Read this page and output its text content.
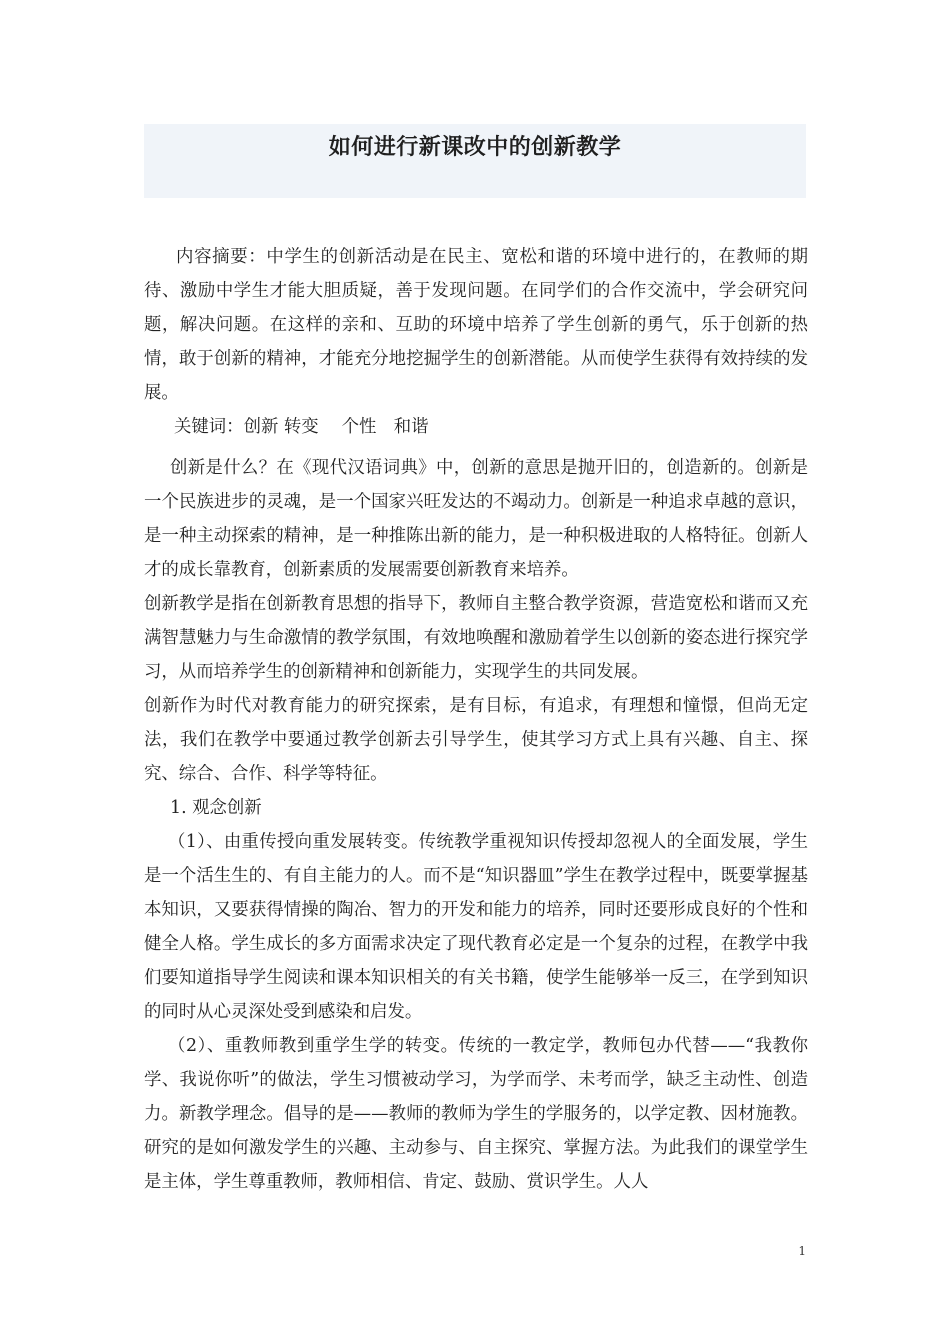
如何进行新课改中的创新教学

内容摘要：中学生的创新活动是在民主、宽松和谐的环境中进行的，在教师的期待、激励中学生才能大胆质疑，善于发现问题。在同学们的合作交流中，学会研究问题，解决问题。在这样的亲和、互助的环境中培养了学生创新的勇气，乐于创新的热情，敢于创新的精神，才能充分地挖掘学生的创新潜能。从而使学生获得有效持续的发展。

关键词：创新 转变　 个性　和谐

创新是什么？在《现代汉语词典》中，创新的意思是抛开旧的，创造新的。创新是一个民族进步的灵魂，是一个国家兴旺发达的不竭动力。创新是一种追求卓越的意识，是一种主动探索的精神，是一种推陈出新的能力，是一种积极进取的人格特征。创新人才的成长靠教育，创新素质的发展需要创新教育来培养。

创新教学是指在创新教育思想的指导下，教师自主整合教学资源，营造宽松和谐而又充满智慧魅力与生命激情的教学氛围，有效地唤醒和激励着学生以创新的姿态进行探究学习，从而培养学生的创新精神和创新能力，实现学生的共同发展。

创新作为时代对教育能力的研究探索，是有目标，有追求，有理想和憧憬，但尚无定法，我们在教学中要通过教学创新去引导学生，使其学习方式上具有兴趣、自主、探究、综合、合作、科学等特征。

1. 观念创新

（1）、由重传授向重发展转变。传统教学重视知识传授却忽视人的全面发展，学生是一个活生生的、有自主能力的人。而不是“知识器皿”学生在教学过程中，既要掌握基本知识，又要获得情操的陶冶、智力的开发和能力的培养，同时还要形成良好的个性和健全人格。学生成长的多方面需求决定了现代教育必定是一个复杂的过程，在教学中我们要知道指导学生阅读和课本知识相关的有关书籍，使学生能够举一反三，在学到知识的同时从心灵深处受到感染和启发。

（2）、重教师教到重学生学的转变。传统的一教定学，教师包办代替——“我教你学、我说你听”的做法，学生习惯被动学习，为学而学、未考而学，缺乏主动性、创造力。新教学理念。倡导的是——教师的教师为学生的学服务的，以学定教、因材施教。研究的是如何激发学生的兴趣、主动参与、自主探究、掌握方法。为此我们的课堂学生是主体，学生尊重教师，教师相信、肯定、鼓励、赏识学生。人人

1
